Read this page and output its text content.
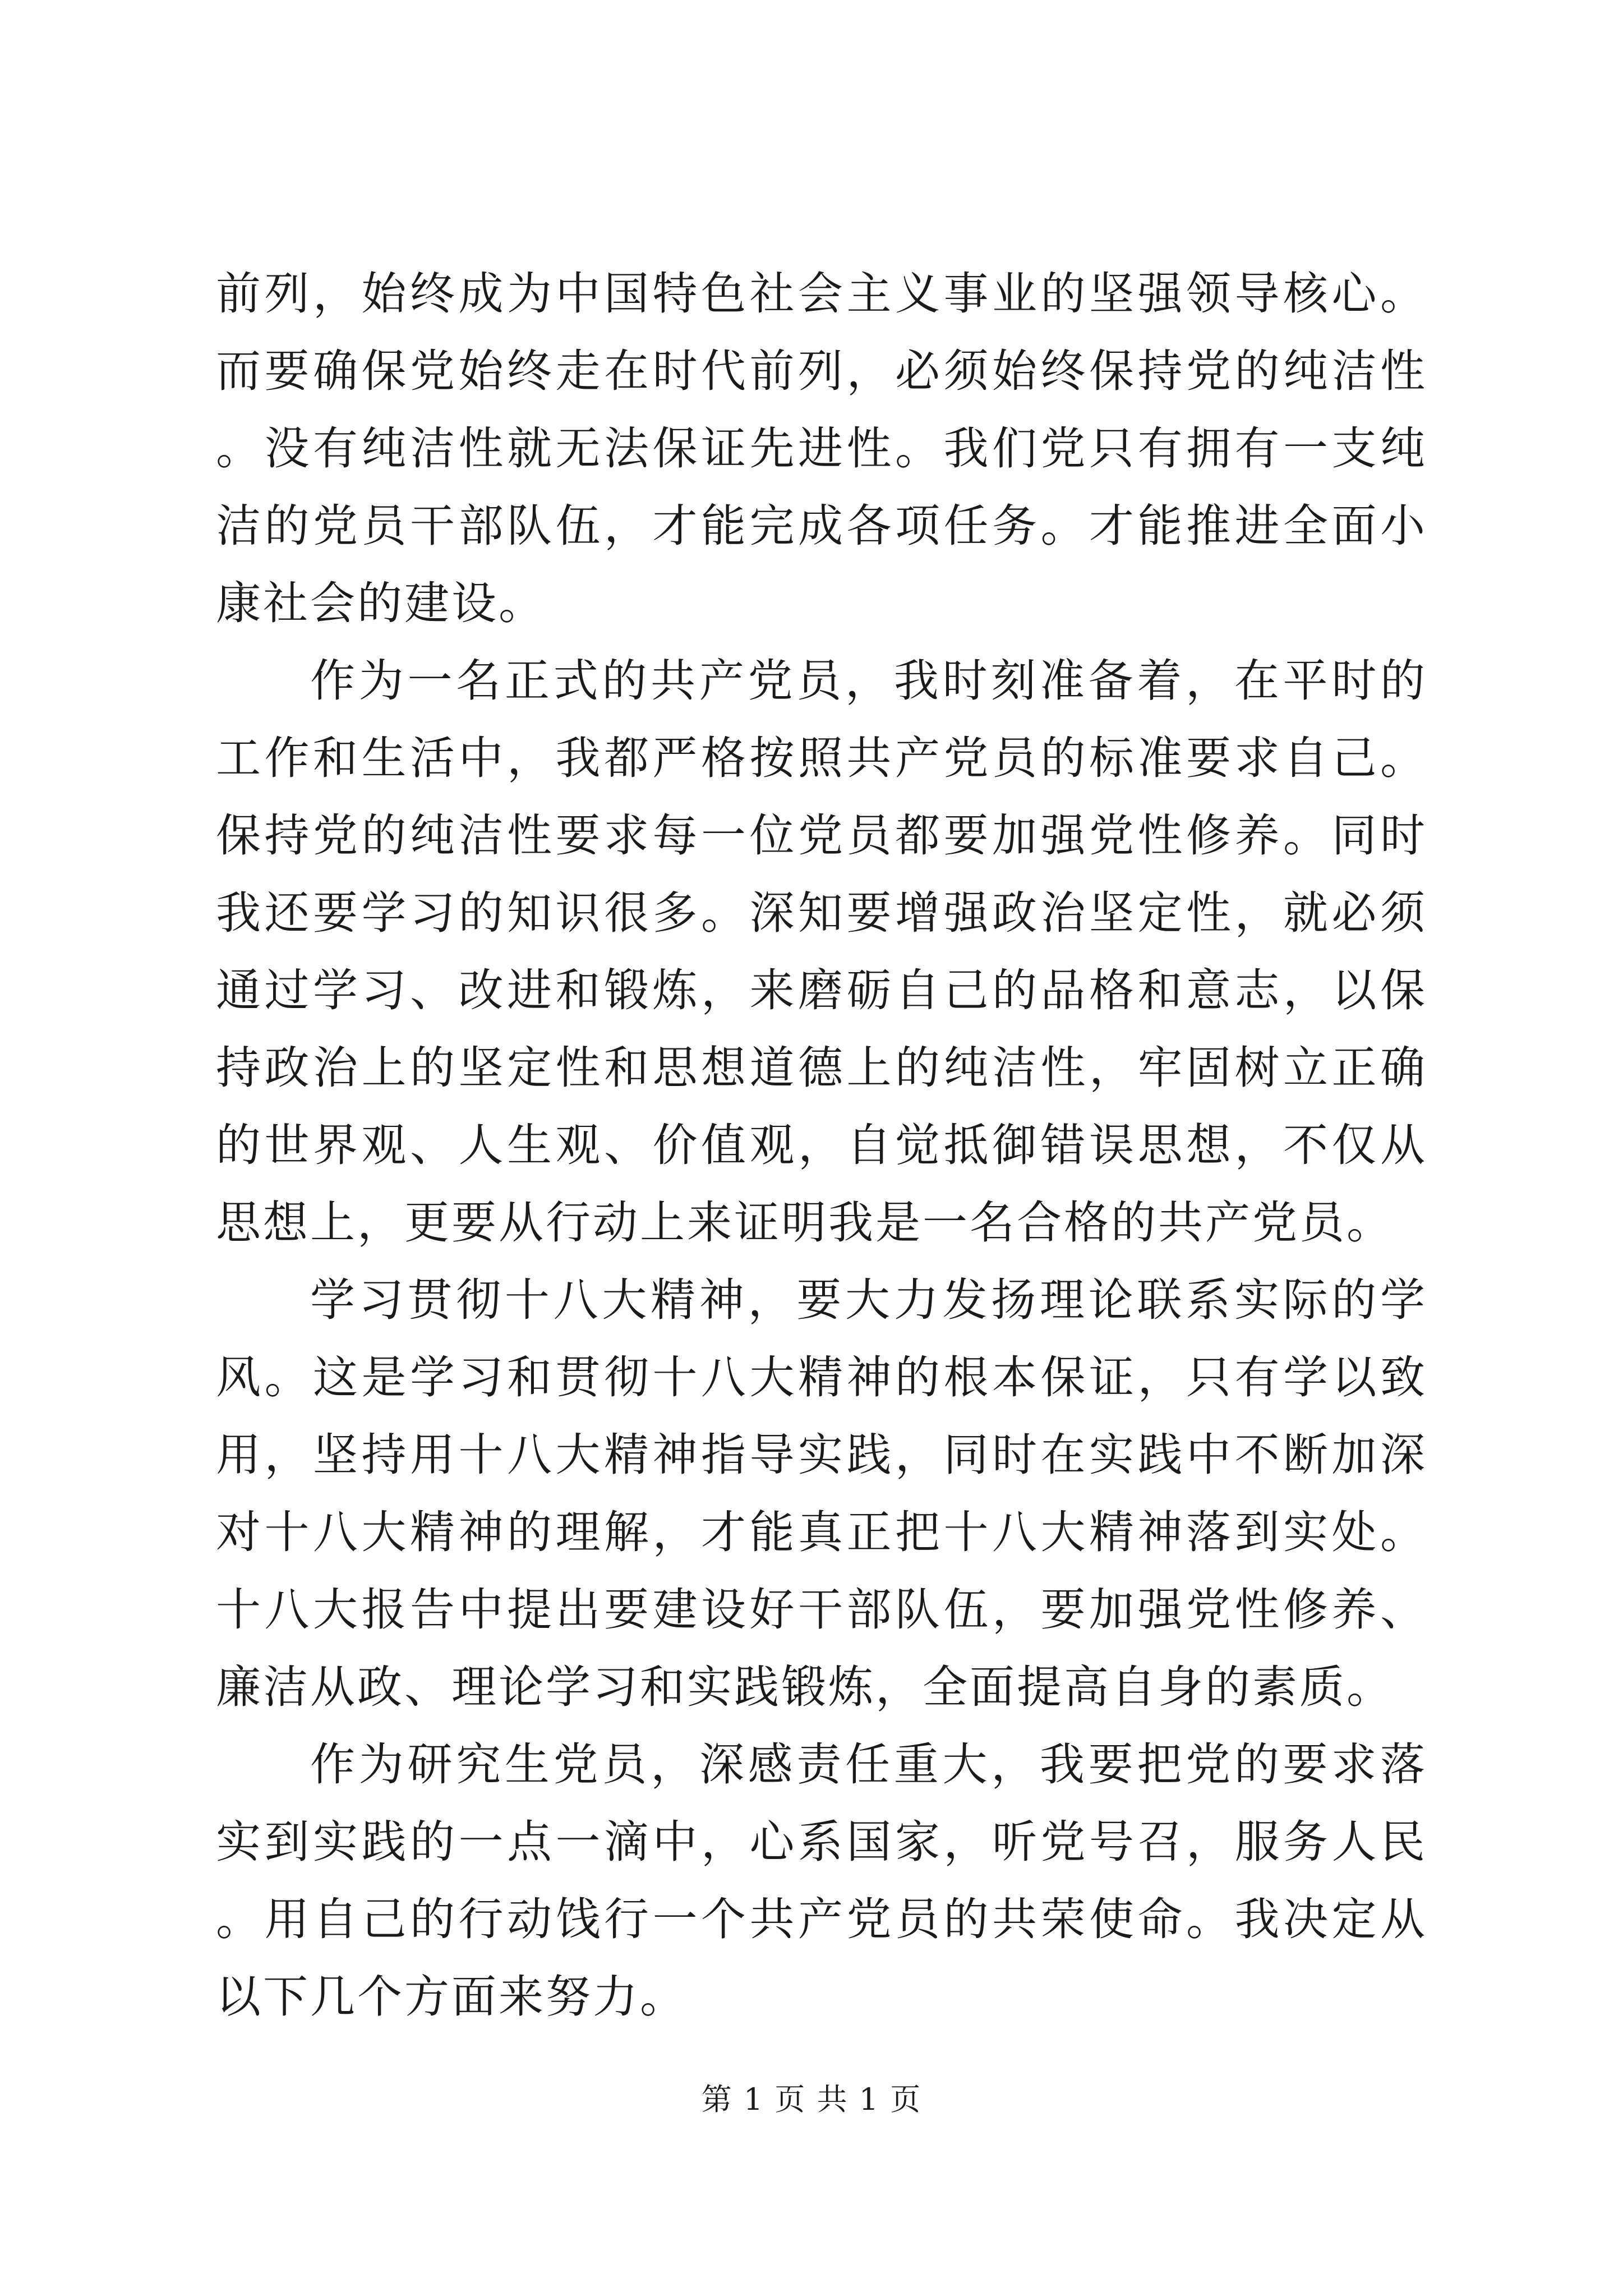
前列，始终成为中国特色社会主义事业的坚强领导核心。而要确保党始终走在时代前列，必须始终保持党的纯洁性。没有纯洁性就无法保证先进性。我们党只有拥有一支纯洁的党员干部队伍，才能完成各项任务。才能推进全面小康社会的建设。

作为一名正式的共产党员，我时刻准备着，在平时的工作和生活中，我都严格按照共产党员的标准要求自己。保持党的纯洁性要求每一位党员都要加强党性修养。同时我还要学习的知识很多。深知要增强政治坚定性，就必须通过学习、改进和锻炼，来磨砺自己的品格和意志，以保持政治上的坚定性和思想道德上的纯洁性，牢固树立正确的世界观、人生观、价值观，自觉抵御错误思想，不仅从思想上，更要从行动上来证明我是一名合格的共产党员。

学习贯彻十八大精神，要大力发扬理论联系实际的学风。这是学习和贯彻十八大精神的根本保证，只有学以致用，坚持用十八大精神指导实践，同时在实践中不断加深对十八大精神的理解，才能真正把十八大精神落到实处。十八大报告中提出要建设好干部队伍，要加强党性修养、廉洁从政、理论学习和实践锻炼，全面提高自身的素质。

作为研究生党员，深感责任重大，我要把党的要求落实到实践的一点一滴中，心系国家，听党号召，服务人民。用自己的行动饯行一个共产党员的共荣使命。我决定从以下几个方面来努力。

第 1 页 共 1 页
